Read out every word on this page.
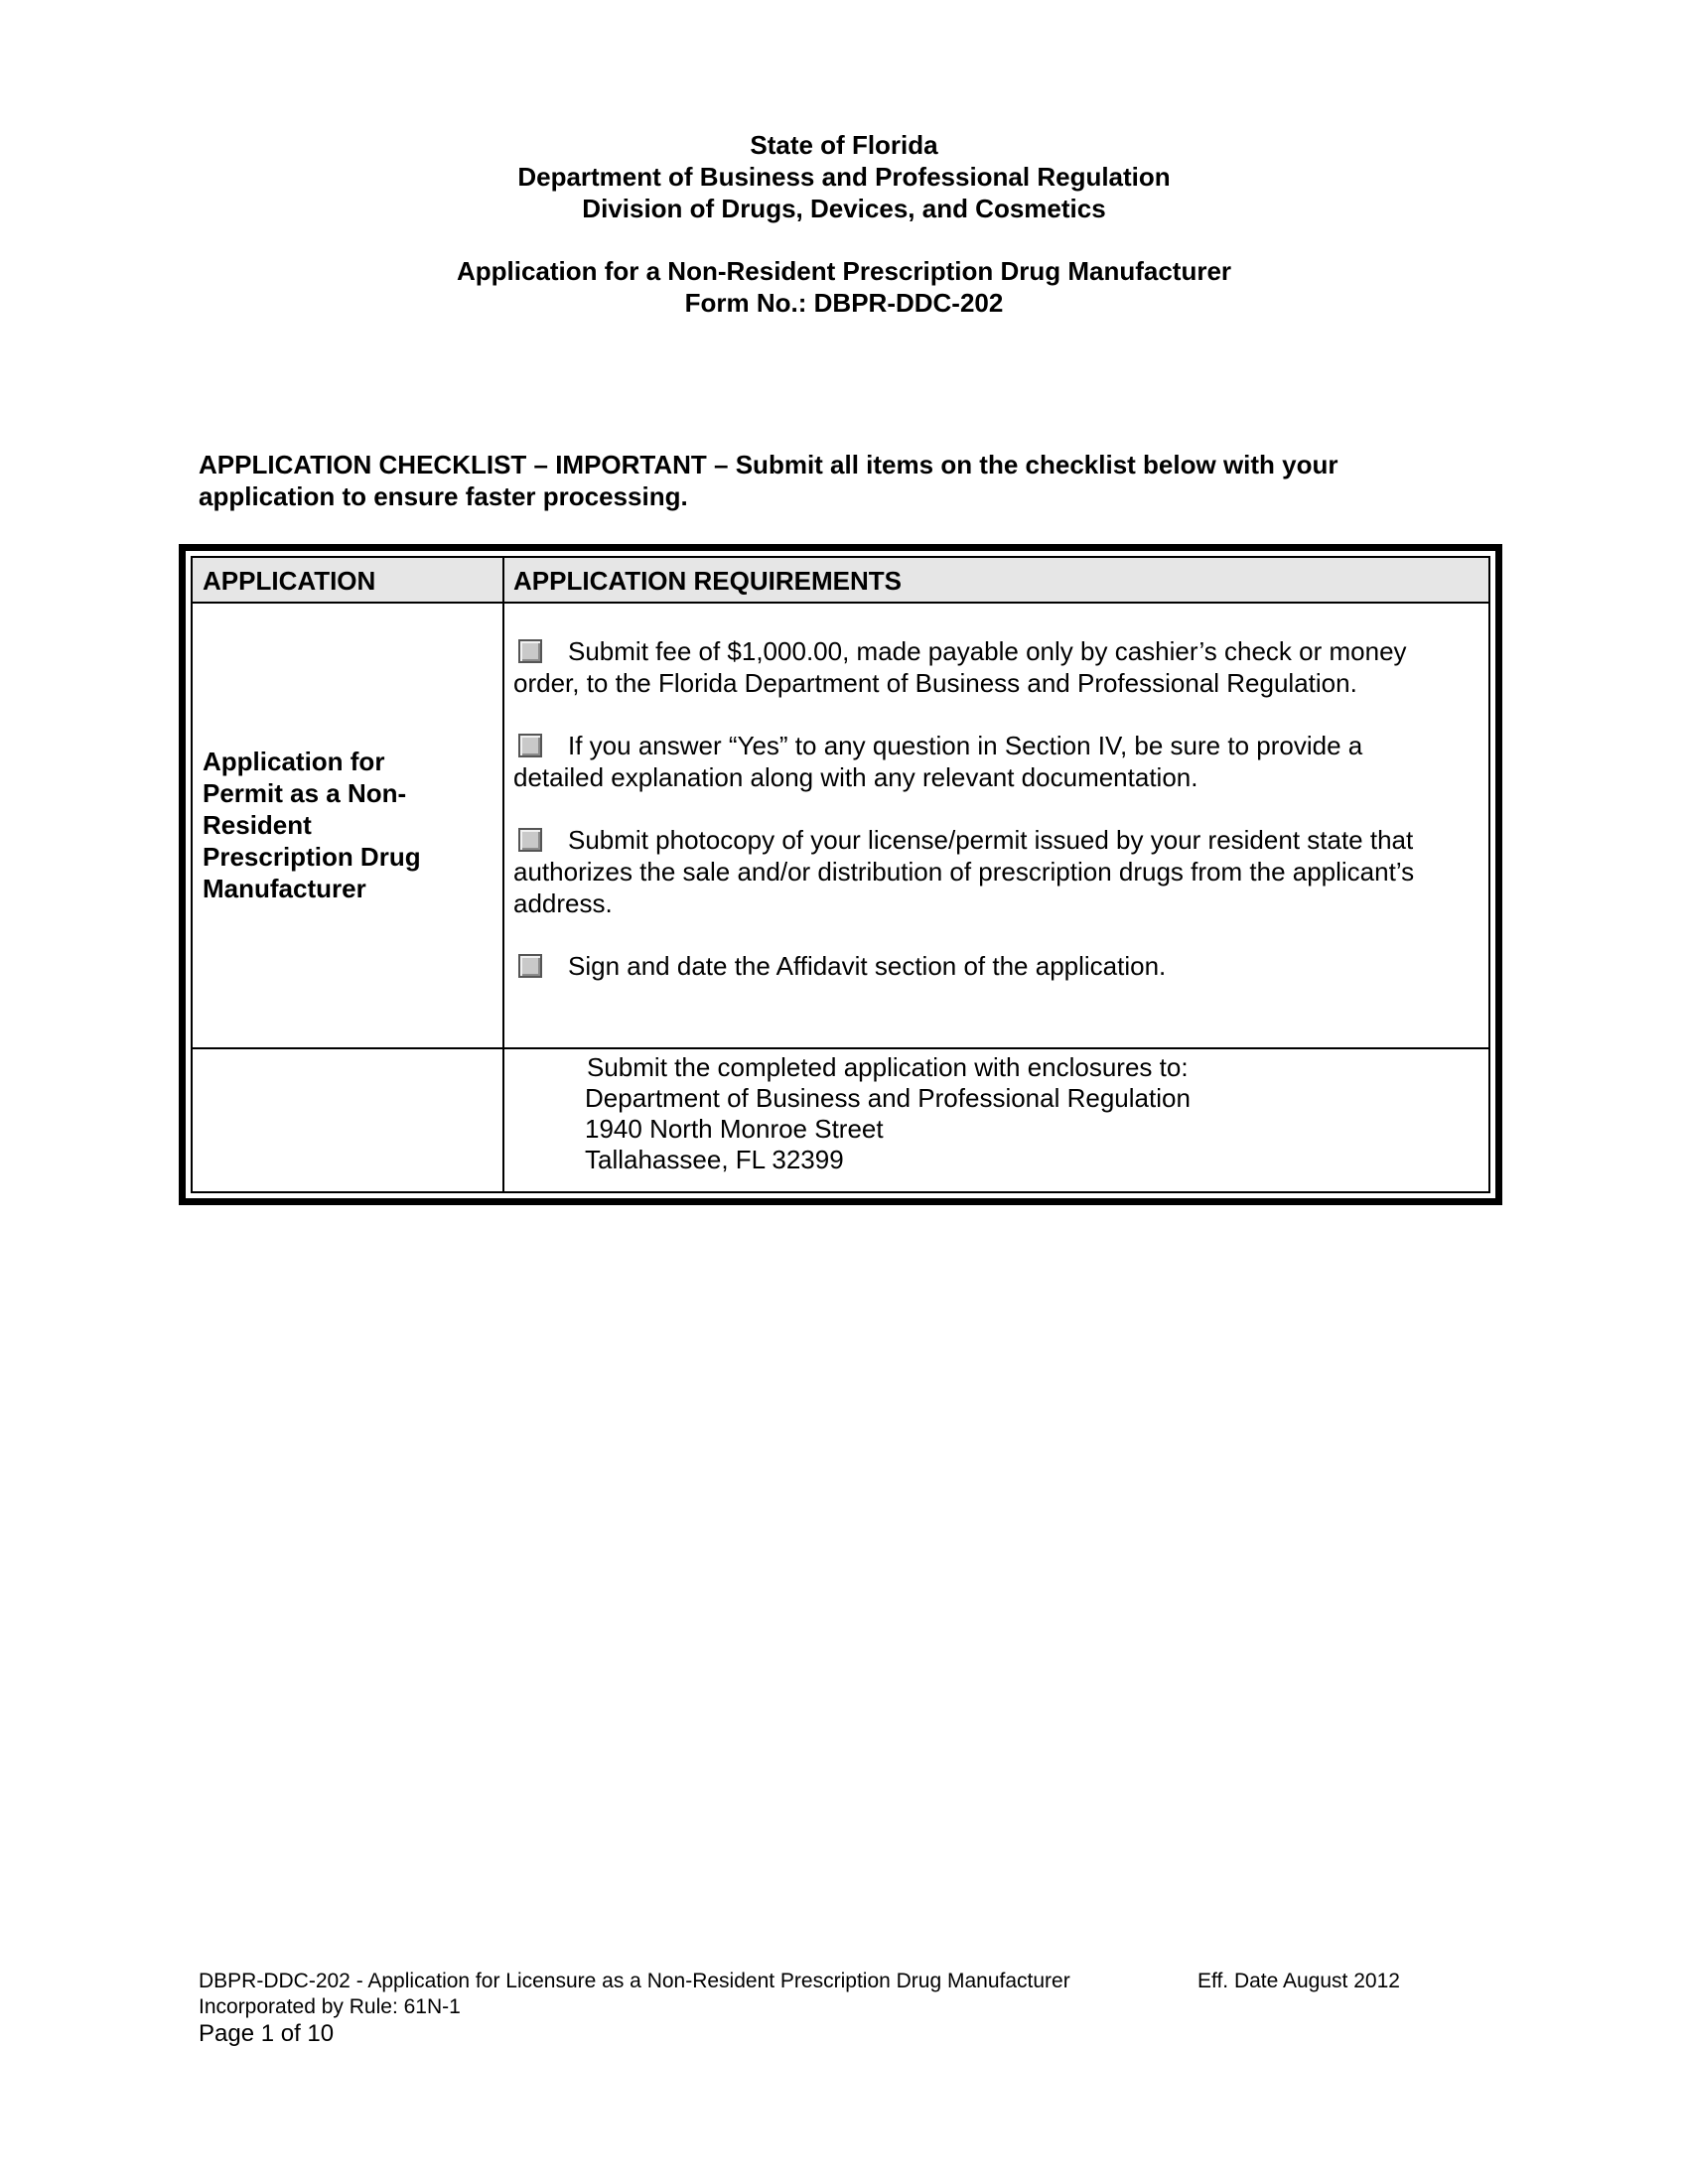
State of Florida
Department of Business and Professional Regulation
Division of Drugs, Devices, and Cosmetics
Application for a Non-Resident Prescription Drug Manufacturer
Form No.: DBPR-DDC-202
APPLICATION CHECKLIST – IMPORTANT – Submit all items on the checklist below with your
application to ensure faster processing.
APPLICATION	APPLICATION REQUIREMENTS
Application for
Permit as a Non-
Resident
Prescription Drug
Manufacturer
Submit fee of $1,000.00, made payable only by cashier’s check or money
order, to the Florida Department of Business and Professional Regulation.
If you answer “Yes” to any question in Section IV, be sure to provide a
detailed explanation along with any relevant documentation.
Submit photocopy of your license/permit issued by your resident state that
authorizes the sale and/or distribution of prescription drugs from the applicant’s
address.
Sign and date the Affidavit section of the application.
Submit the completed application with enclosures to:
Department of Business and Professional Regulation
1940 North Monroe Street
Tallahassee, FL 32399
DBPR-DDC-202 - Application for Licensure as a Non-Resident Prescription Drug Manufacturer	Eff. Date August 2012
Incorporated by Rule: 61N-1
Page 1 of 10
